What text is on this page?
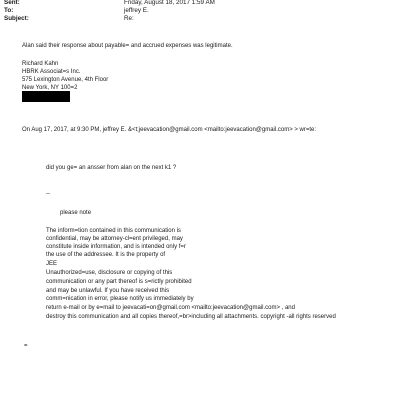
Sent:	Friday, August 18, 2017 1:59 AM
To:	jeffrey E.
Subject:	Re:
Alan said their response about payable= and accrued expenses was legitimate.
Richard Kahn
HBRK Associat=s Inc.
575 Lexington Avenue, 4th Floor
New York, NY 100=2
On Aug 17, 2017, at 9:30 PM, jeffrey E. &<t;jeevacation@gmail.com <mailto:jeevacation@gmail.com> > wr=te:
did you ge= an ansser from alan on the next k1 ?
--
please note
The inform=tion contained in this communication is
confidential, may be attorney-cl=ent privileged, may
constitute inside information, and is intended only f=r
the use of the addressee. It is the property of
JEE
Unauthorized=use, disclosure or copying of this
communication or any part thereof is s=rictly prohibited
and may be unlawful. If you have received this
comm=nication in error, please notify us immediately by
return e-mail or by e=mail to jeevacati=on@gmail.com <mailto:jeevacation@gmail.com> , and
destroy this communication and all copies thereof,=br>including all attachments. copyright -all rights reserved
=
